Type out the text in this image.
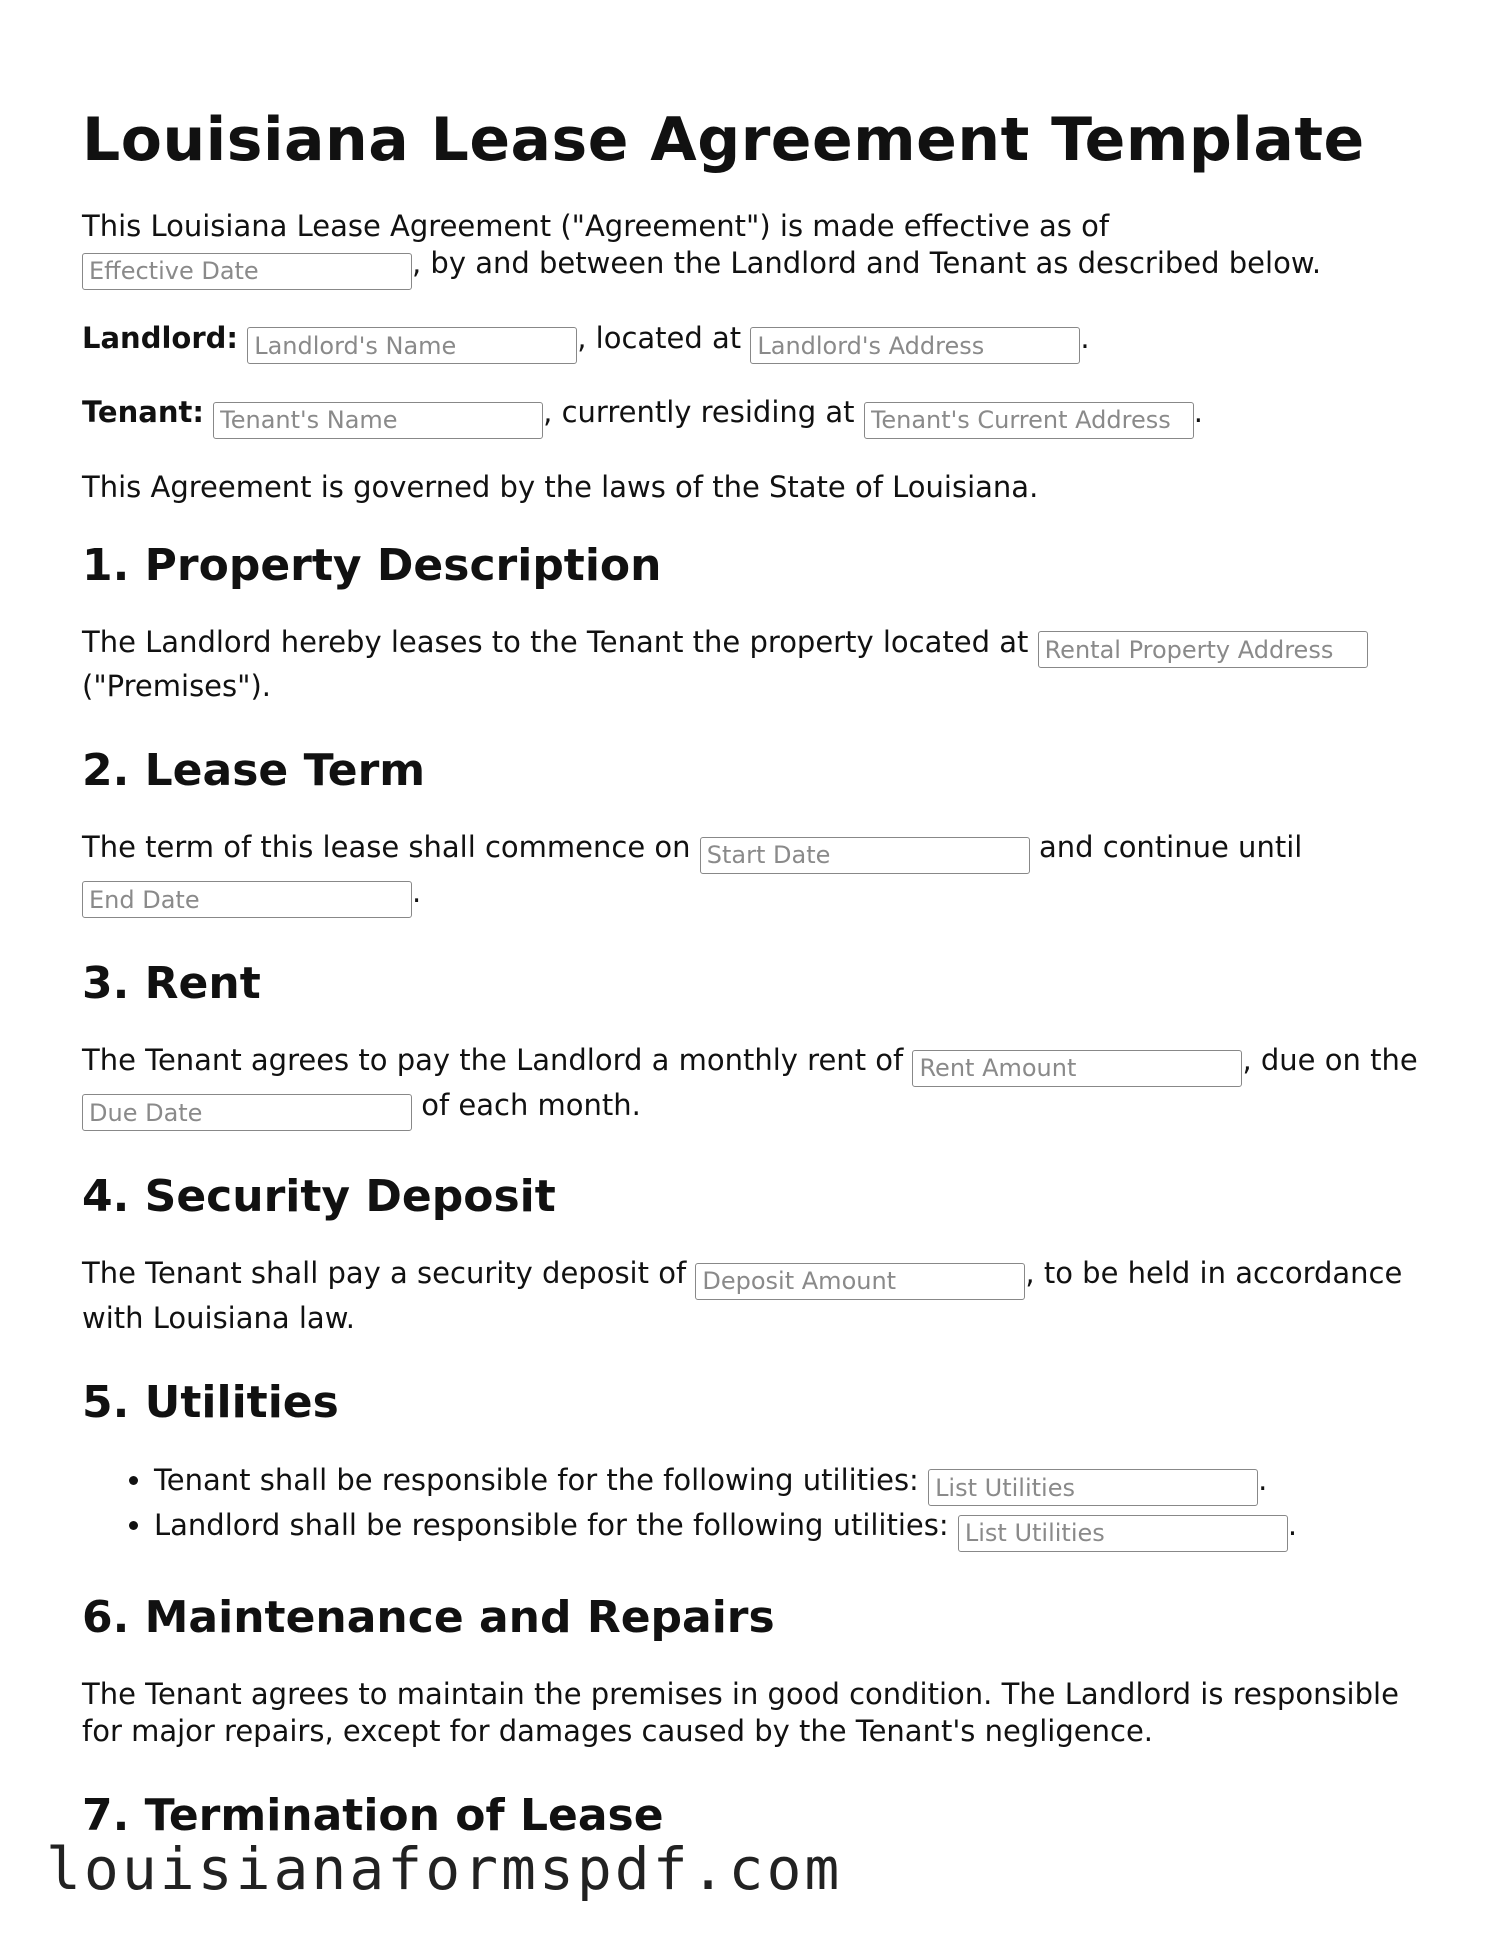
Louisiana Lease Agreement Template

This Louisiana Lease Agreement ("Agreement") is made effective as of Effective Date, by and between the Landlord and Tenant as described below.

Landlord: Landlord's Name	, located at Landlord's Address	.

Tenant: Tenant's Name	, currently residing at Tenant's Current Address	.

This Agreement is governed by the laws of the State of Louisiana.

1. Property Description

The Landlord hereby leases to the Tenant the property located at Rental Property Address ("Premises").

2. Lease Term

The term of this lease shall commence on Start Date	and continue until End Date.

3. Rent

The Tenant agrees to pay the Landlord a monthly rent of Rent Amount	, due on the Due Date of each month.

4. Security Deposit

The Tenant shall pay a security deposit of Deposit Amount	, to be held in accordance with Louisiana law.

5. Utilities
• Tenant shall be responsible for the following utilities: List Utilities	.
• Landlord shall be responsible for the following utilities: List Utilities	.
6. Maintenance and Repairs

The Tenant agrees to maintain the premises in good condition. The Landlord is responsible for major repairs, except for damages caused by the Tenant's negligence.

7. Termination of Lease
louisianaformspdf.com
